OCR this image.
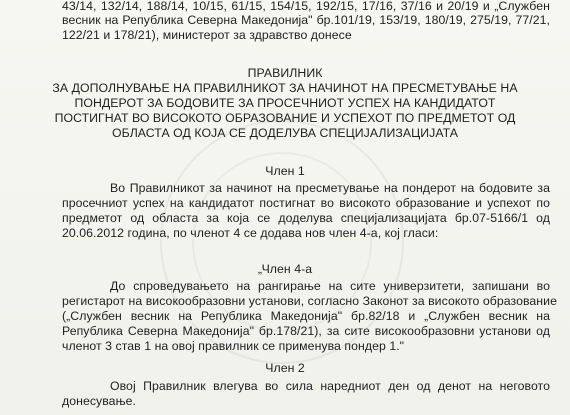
43/14, 132/14, 188/14, 10/15, 61/15, 154/15, 192/15, 17/16, 37/16 и 20/19 и „Службен
весник на Република Северна Македонија" бр.101/19, 153/19, 180/19, 275/19, 77/21,
122/21 и 178/21), министерот за здравство донесе
ПРАВИЛНИК
ЗА ДОПОЛНУВАЊЕ НА ПРАВИЛНИКОТ ЗА НАЧИНОТ НА ПРЕСМЕТУВАЊЕ НА
ПОНДЕРОТ ЗА БОДОВИТЕ ЗА ПРОСЕЧНИОТ УСПЕХ НА КАНДИДАТОТ
ПОСТИГНАТ ВО ВИСОКОТО ОБРАЗОВАНИЕ И УСПЕХОТ ПО ПРЕДМЕТОТ ОД
ОБЛАСТА ОД КОЈА СЕ ДОДЕЛУВА СПЕЦИЈАЛИЗАЦИЈАТА
Член 1
Во Правилникот за начинот на пресметување на пондерот на бодовите за
просечниот успех на кандидатот постигнат во високото образование и успехот по
предметот од областа за која се доделува специјализацијата бр.07-5166/1 од
20.06.2012 година, по членот 4 се додава нов член 4-а, кој гласи:
„Член 4-а
До спроведувањето на рангирање на сите универзитети, запишани во
регистарот на високообразовни установи, согласно Законот за високото образование
(„Службен весник на Република Македонија" бр.82/18 и „Службен весник на
Република Северна Македонија" бр.178/21), за сите високообразовни установи од
членот 3 став 1 на овој правилник се применува пондер 1."
Член 2
Овој Правилник влегува во сила наредниот ден од денот на неговото
донесување.
